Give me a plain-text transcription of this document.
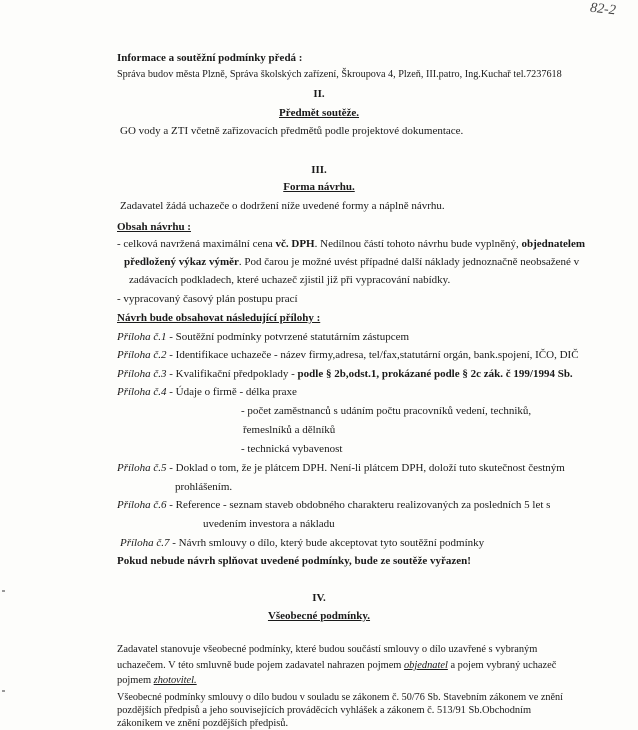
82-2
Informace a soutěžní podmínky předá :
Správa budov města Plzně, Správa školských zařízení, Škroupova 4, Plzeň, III.patro, Ing.Kuchař tel.7237618
II.
Předmět soutěže.
GO vody a ZTI včetně zařizovacích předmětů podle projektové dokumentace.
III.
Forma návrhu.
Zadavatel žádá uchazeče o dodržení níže uvedené formy a náplně návrhu.
Obsah návrhu :
- celková navržená maximální cena vč. DPH. Nedílnou částí tohoto návrhu bude vyplněný, objednatelem
předložený výkaz výměr. Pod čarou je možné uvést případné další náklady jednoznačně neobsažené v
zadávacích podkladech, které uchazeč zjistil již při vypracování nabídky.
- vypracovaný časový plán postupu prací
Návrh bude obsahovat následující přílohy :
Příloha č.1 - Soutěžní podmínky potvrzené statutárním zástupcem
Příloha č.2 - Identifikace uchazeče - název firmy,adresa, tel/fax,statutární orgán, bank.spojení, IČO, DIČ
Příloha č.3 - Kvalifikační předpoklady - podle § 2b,odst.1, prokázané podle § 2c zák. č 199/1994 Sb.
Příloha č.4 - Údaje o firmě - délka praxe
- počet zaměstnanců s udáním počtu pracovníků vedení, techniků,
řemeslníků a dělníků
- technická vybavenost
Příloha č.5 - Doklad o tom, že je plátcem DPH. Není-li plátcem DPH, doloží tuto skutečnost čestným
prohlášením.
Příloha č.6 - Reference - seznam staveb obdobného charakteru realizovaných za posledních 5 let s
uvedením investora a nákladu
Příloha č.7 - Návrh smlouvy o dílo, který bude akceptovat tyto soutěžní podmínky
Pokud nebude návrh splňovat uvedené podmínky, bude ze soutěže vyřazen!
IV.
Všeobecné podmínky.
Zadavatel stanovuje všeobecné podmínky, které budou součástí smlouvy o dílo uzavřené s vybraným
uchazečem. V této smluvně bude pojem zadavatel nahrazen pojmem objednatel a pojem vybraný uchazeč
pojmem zhotovitel.
Všeobecné podmínky smlouvy o dílo budou v souladu se zákonem č. 50/76 Sb. Stavebním zákonem ve znění
pozdějších předpisů a jeho souvisejících prováděcích vyhlášek a zákonem č. 513/91 Sb.Obchodním
zákoníkem ve znění pozdějších předpisů.
